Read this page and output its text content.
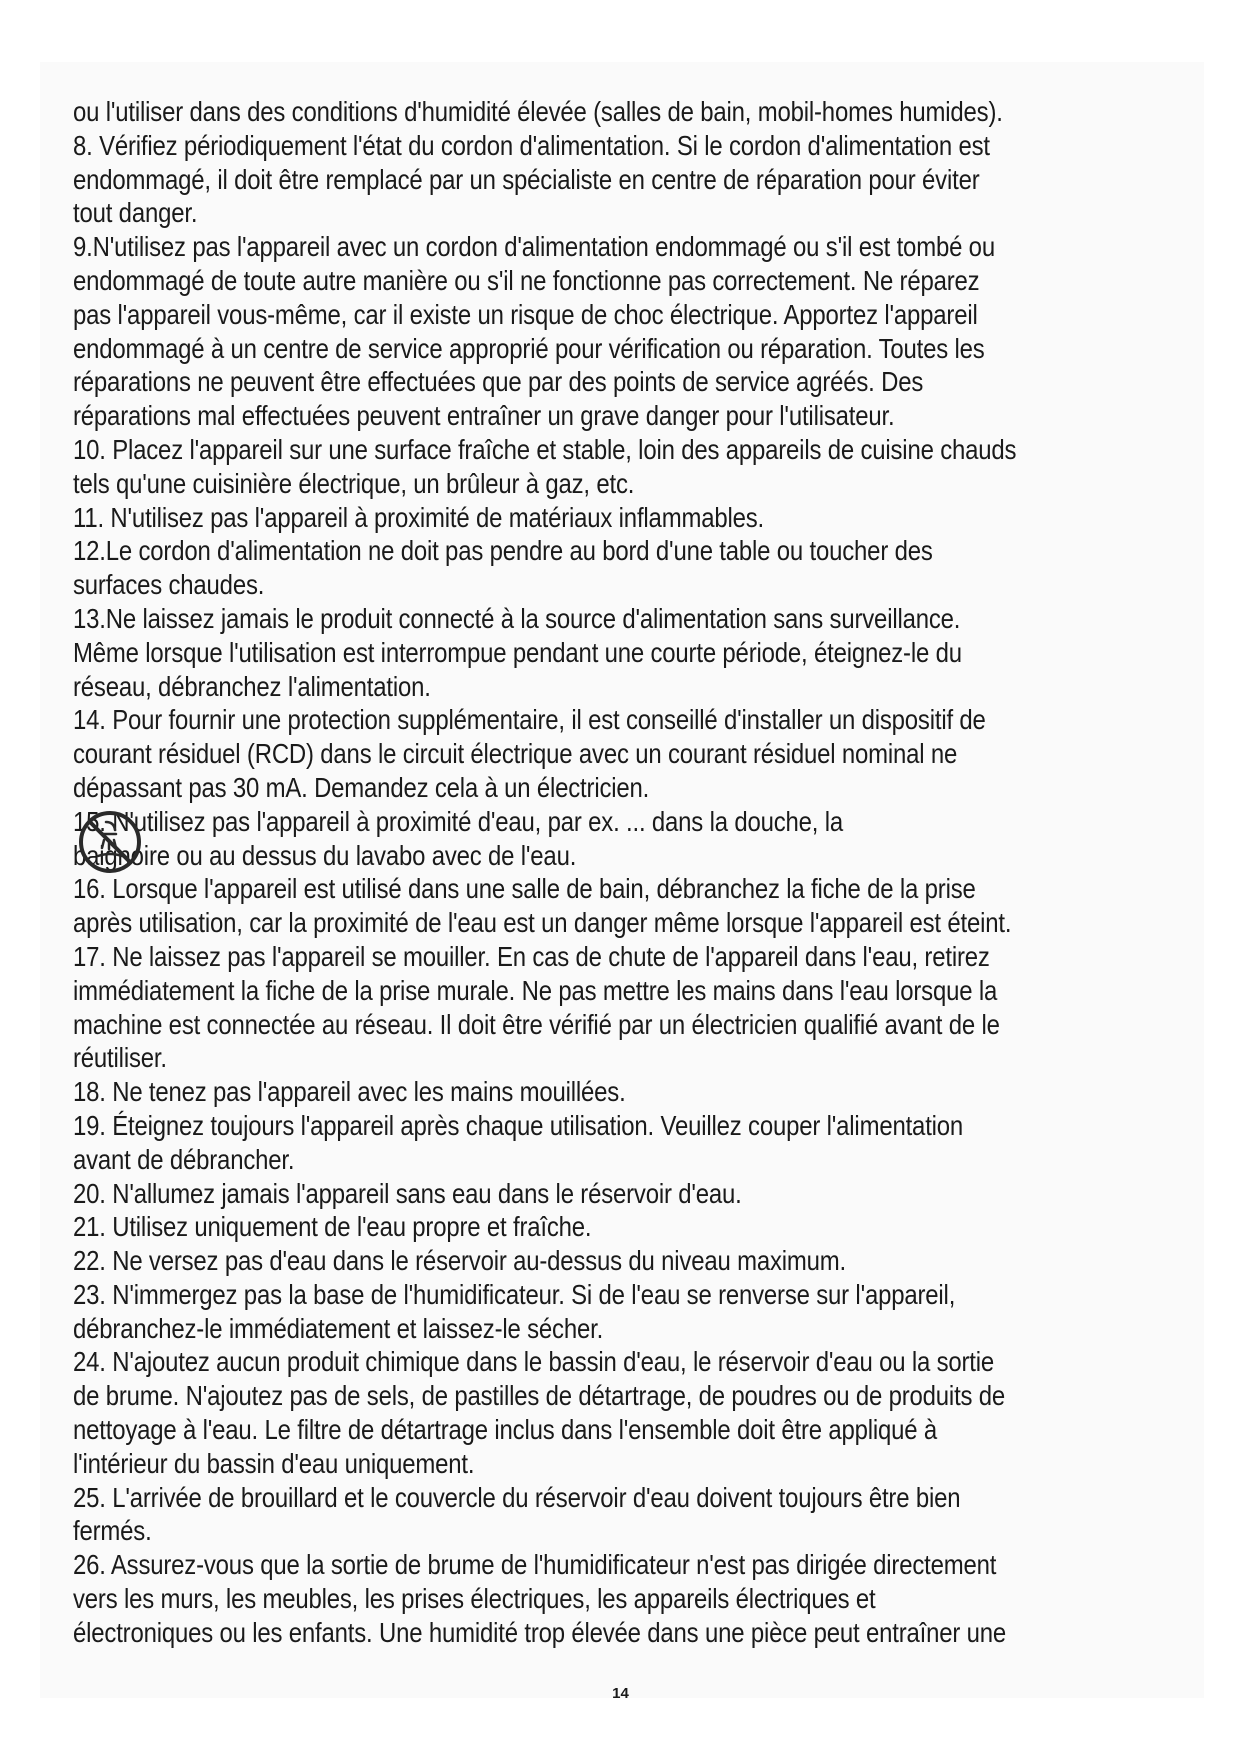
ou l'utiliser dans des conditions d'humidité élevée (salles de bain, mobil-homes humides).

8. Vérifiez périodiquement l'état du cordon d'alimentation. Si le cordon d'alimentation est
endommagé, il doit être remplacé par un spécialiste en centre de réparation pour éviter
tout danger.

9.N'utilisez pas l'appareil avec un cordon d'alimentation endommagé ou s'il est tombé ou
endommagé de toute autre manière ou s'il ne fonctionne pas correctement. Ne réparez
pas l'appareil vous-même, car il existe un risque de choc électrique. Apportez l'appareil
endommagé à un centre de service approprié pour vérification ou réparation. Toutes les
réparations ne peuvent être effectuées que par des points de service agréés. Des
réparations mal effectuées peuvent entraîner un grave danger pour l'utilisateur.

10. Placez l'appareil sur une surface fraîche et stable, loin des appareils de cuisine chauds
tels qu'une cuisinière électrique, un brûleur à gaz, etc.

11. N'utilisez pas l'appareil à proximité de matériaux inflammables.

12.Le cordon d'alimentation ne doit pas pendre au bord d'une table ou toucher des
surfaces chaudes.

13.Ne laissez jamais le produit connecté à la source d'alimentation sans surveillance.
Même lorsque l'utilisation est interrompue pendant une courte période, éteignez-le du
réseau, débranchez l'alimentation.

14. Pour fournir une protection supplémentaire, il est conseillé d'installer un dispositif de
courant résiduel (RCD) dans le circuit électrique avec un courant résiduel nominal ne
dépassant pas 30 mA. Demandez cela à un électricien.

15. N'utilisez pas l'appareil à proximité d'eau, par ex. ... dans la douche, la
ou au dessus du lavabo avec de l'eau.

16. Lorsque l'appareil est utilisé dans une salle de bain, débranchez la fiche de la prise
après utilisation, car la proximité de l'eau est un danger même lorsque l'appareil est éteint.

17. Ne laissez pas l'appareil se mouiller. En cas de chute de l'appareil dans l'eau, retirez
immédiatement la fiche de la prise murale. Ne pas mettre les mains dans l'eau lorsque la
machine est connectée au réseau. Il doit être vérifié par un électricien qualifié avant de le
réutiliser.

18. Ne tenez pas l'appareil avec les mains mouillées.

19. Éteignez toujours l'appareil après chaque utilisation. Veuillez couper l'alimentation
avant de débrancher.

20. N'allumez jamais l'appareil sans eau dans le réservoir d'eau.

21. Utilisez uniquement de l'eau propre et fraîche.

22. Ne versez pas d'eau dans le réservoir au-dessus du niveau maximum.

23. N'immergez pas la base de l'humidificateur. Si de l'eau se renverse sur l'appareil,
débranchez-le immédiatement et laissez-le sécher.

24. N'ajoutez aucun produit chimique dans le bassin d'eau, le réservoir d'eau ou la sortie
de brume. N'ajoutez pas de sels, de pastilles de détartrage, de poudres ou de produits de
nettoyage à l'eau. Le filtre de détartrage inclus dans l'ensemble doit être appliqué à
l'intérieur du bassin d'eau uniquement.

25. L'arrivée de brouillard et le couvercle du réservoir d'eau doivent toujours être bien
fermés.

26. Assurez-vous que la sortie de brume de l'humidificateur n'est pas dirigée directement
vers les murs, les meubles, les prises électriques, les appareils électriques et
électroniques ou les enfants. Une humidité trop élevée dans une pièce peut entraîner une

14
